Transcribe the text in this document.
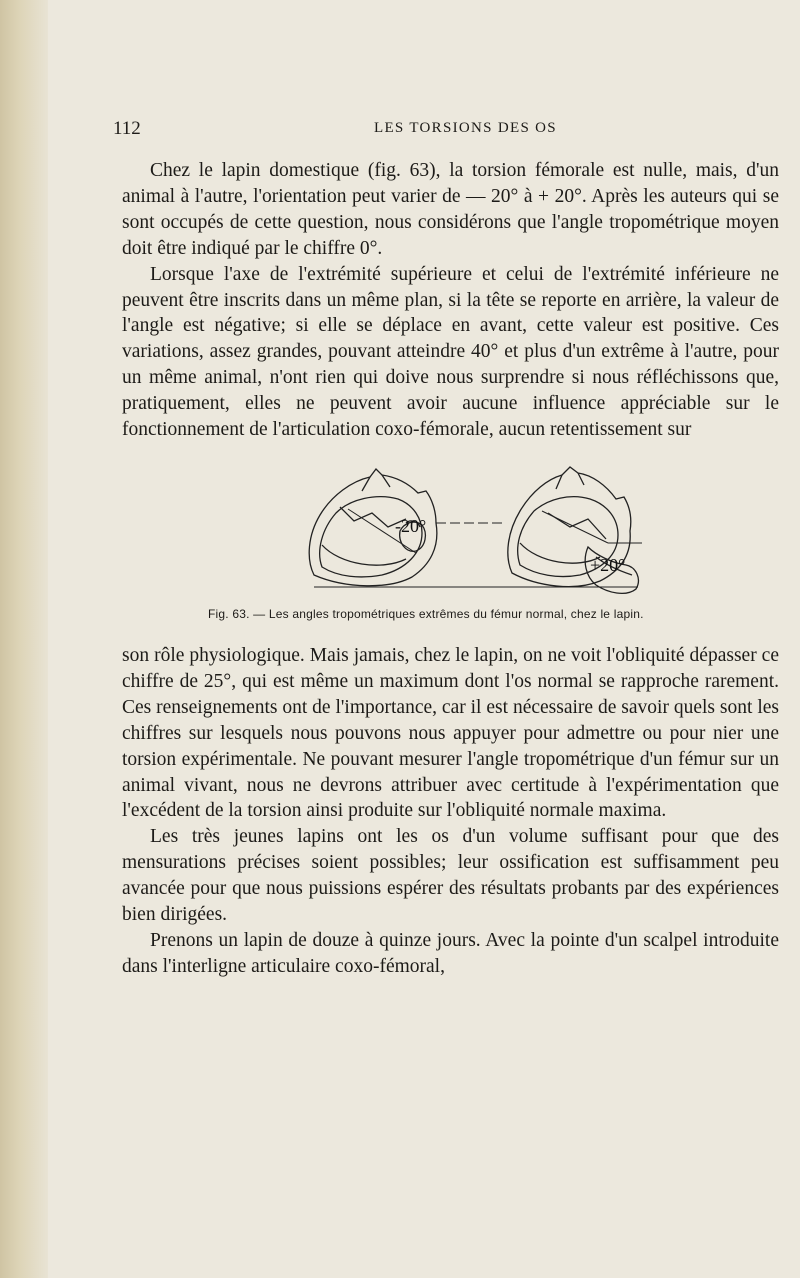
112	LES TORSIONS DES OS

Chez le lapin domestique (fig. 63), la torsion fémorale est nulle, mais, d'un animal à l'autre, l'orientation peut varier de — 20° à + 20°. Après les auteurs qui se sont occupés de cette question, nous considérons que l'angle tropométrique moyen doit être indiqué par le chiffre 0°.

Lorsque l'axe de l'extrémité supérieure et celui de l'extrémité inférieure ne peuvent être inscrits dans un même plan, si la tête se reporte en arrière, la valeur de l'angle est négative; si elle se déplace en avant, cette valeur est positive. Ces variations, assez grandes, pouvant atteindre 40° et plus d'un extrême à l'autre, pour un même animal, n'ont rien qui doive nous surprendre si nous réfléchissons que, pratiquement, elles ne peuvent avoir aucune influence appréciable sur le fonctionnement de l'articulation coxo-fémorale, aucun retentissement sur

-20°
+20°
Fig. 63. — Les angles tropométriques extrêmes du fémur normal, chez le lapin.

son rôle physiologique. Mais jamais, chez le lapin, on ne voit l'obliquité dépasser ce chiffre de 25°, qui est même un maximum dont l'os normal se rapproche rarement. Ces renseignements ont de l'importance, car il est nécessaire de savoir quels sont les chiffres sur lesquels nous pouvons nous appuyer pour admettre ou pour nier une torsion expérimentale. Ne pouvant mesurer l'angle tropométrique d'un fémur sur un animal vivant, nous ne devrons attribuer avec certitude à l'expérimentation que l'excédent de la torsion ainsi produite sur l'obliquité normale maxima.

Les très jeunes lapins ont les os d'un volume suffisant pour que des mensurations précises soient possibles; leur ossification est suffisamment peu avancée pour que nous puissions espérer des résultats probants par des expériences bien dirigées.

Prenons un lapin de douze à quinze jours. Avec la pointe d'un scalpel introduite dans l'interligne articulaire coxo-fémoral,
